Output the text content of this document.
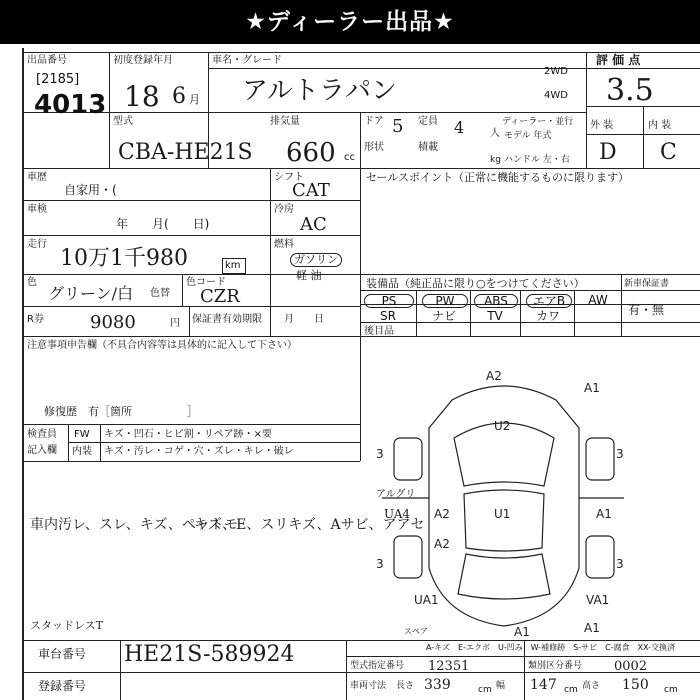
★ディーラー出品★
出品番号
[2185]
4013
初度登録年月
18 6 月
車名・グレード
アルトラパン
2WD
4WD
評 価 点
3.5
型式
CBA-HE21S
排気量
660 cc
ドア 5 定員 4	人
ディーラー・並行
モデル 年式
形状	積載
kg ハンドル 左・右
外 装	内 装
D C
車歴
自家用・(
シフト
CAT
セールスポイント（正常に機能するものに限ります）
車検
年　　月(　　日)
冷房
AC
走行
10万1千980	km
燃料
ガソリン
軽 油
色
グリーン/白 色替
色コード
CZR
装備品（純正品に限り○をつけてください）	新車保証書
有・無
PS	PW	ABS	エアB	AW
SR	ナビ	TV	カワ
後目品
R券	9080	円 保証書有効期限 月　　日
注意事項申告欄（不具合内容等は具体的に記入して下さい）
修復歴　有［箇所　　　　　］
検査員
記入欄
FW キズ・凹石・ヒビ割・リペア跡・×要
内装 キズ・汚レ・コゲ・穴・ズレ・キレ・破レ
車内汚レ、スレ、キズ、ペットモ
キズ、E、スリキズ、Aサビ、アアセ
スタッドレスT
A2
A1
U2
3	3
A1
U1
A2
A2
3	3
UA1	VA1
A1	A1
アルグリ
UA4
スペア
A-キズ　E-エクボ　U-凹み　W-補修跡　S-サビ　C-腐食　XX-交換済
車台番号 HE21S-589924
登録番号
型式指定番号 12351	類別区分番号 0002
車両寸法 長さ 339	cm 幅 147 cm 高さ 150 cm
